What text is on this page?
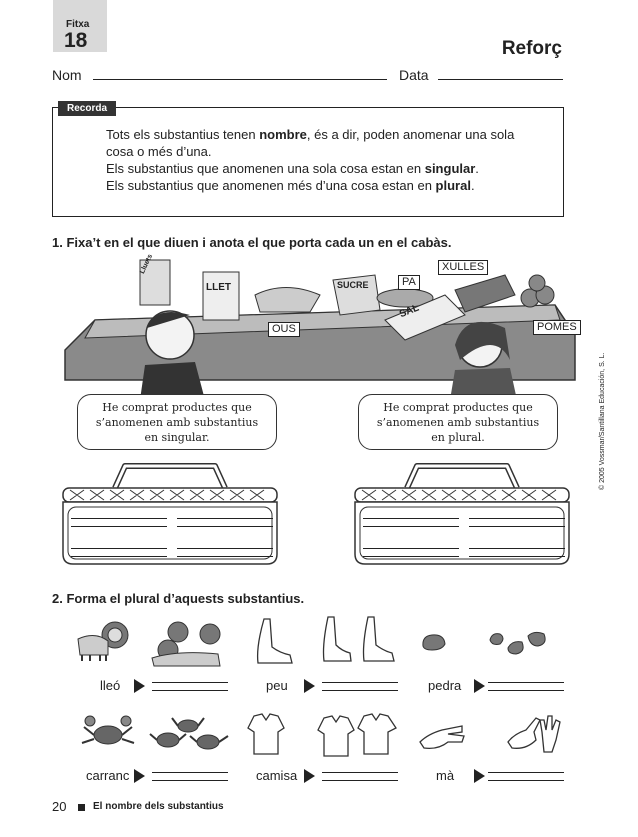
Fitxa
18	Reforç
Nom	Data
Recorda

Tots els substantius tenen nombre, és a dir, poden anomenar una sola cosa o més d’una.

Els substantius que anomenen una sola cosa estan en singular.

Els substantius que anomenen més d’una cosa estan en plural.

1. Fixa’t en el que diuen i anota el que porta cada un en el cabàs.
XULLES
PA
POMES
OUS
Lluets
LLET	SUCRE
SAL
He comprat productes que
s’anomenen amb substantius
en singular.
He comprat productes que
s’anomenen amb substantius
en plural.	© 2005 Vossmar/Santillana Educación, S. L.
2. Forma el plural d’aquests substantius.
lleó	peu	pedra
carranc	camisa	mà
20	El nombre dels substantius
